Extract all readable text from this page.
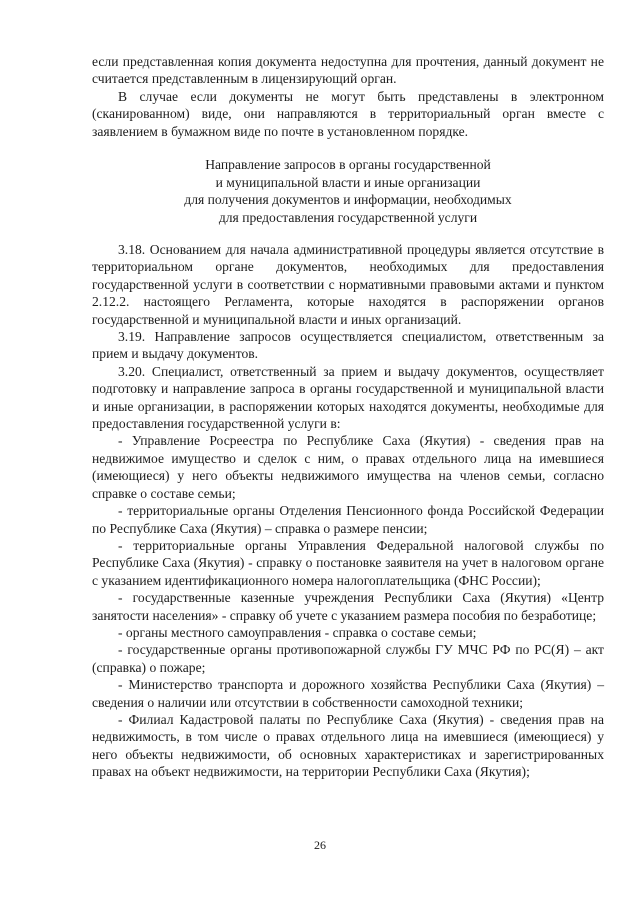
если представленная копия документа недоступна для прочтения, данный документ не считается представленным в лицензирующий орган.

В случае если документы не могут быть представлены в электронном (сканированном) виде, они направляются в территориальный орган вместе с заявлением в бумажном виде по почте в установленном порядке.

Направление запросов в органы государственной
и муниципальной власти и иные организации
для получения документов и информации, необходимых
для предоставления государственной услуги

3.18. Основанием для начала административной процедуры является отсутствие в территориальном органе документов, необходимых для предоставления государственной услуги в соответствии с нормативными правовыми актами и пунктом 2.12.2. настоящего Регламента, которые находятся в распоряжении органов государственной и муниципальной власти и иных организаций.

3.19. Направление запросов осуществляется специалистом, ответственным за прием и выдачу документов.

3.20. Специалист, ответственный за прием и выдачу документов, осуществляет подготовку и направление запроса в органы государственной и муниципальной власти и иные организации, в распоряжении которых находятся документы, необходимые для предоставления государственной услуги в:

- Управление Росреестра по Республике Саха (Якутия) - сведения прав на недвижимое имущество и сделок с ним, о правах отдельного лица на имевшиеся (имеющиеся) у него объекты недвижимого имущества на членов семьи, согласно справке о составе семьи;

- территориальные органы Отделения Пенсионного фонда Российской Федерации по Республике Саха (Якутия) – справка о размере пенсии;

- территориальные органы Управления Федеральной налоговой службы по Республике Саха (Якутия) - справку о постановке заявителя на учет в налоговом органе с указанием идентификационного номера налогоплательщика (ФНС России);

- государственные казенные учреждения Республики Саха (Якутия) «Центр занятости населения» - справку об учете с указанием размера пособия по безработице;

- органы местного самоуправления - справка о составе семьи;

- государственные органы противопожарной службы ГУ МЧС РФ по РС(Я) – акт (справка) о пожаре;

- Министерство транспорта и дорожного хозяйства Республики Саха (Якутия) – сведения о наличии или отсутствии в собственности самоходной техники;

- Филиал Кадастровой палаты по Республике Саха (Якутия) - сведения прав на недвижимость, в том числе о правах отдельного лица на имевшиеся (имеющиеся) у него объекты недвижимости, об основных характеристиках и зарегистрированных правах на объект недвижимости, на территории Республики Саха (Якутия);

26
